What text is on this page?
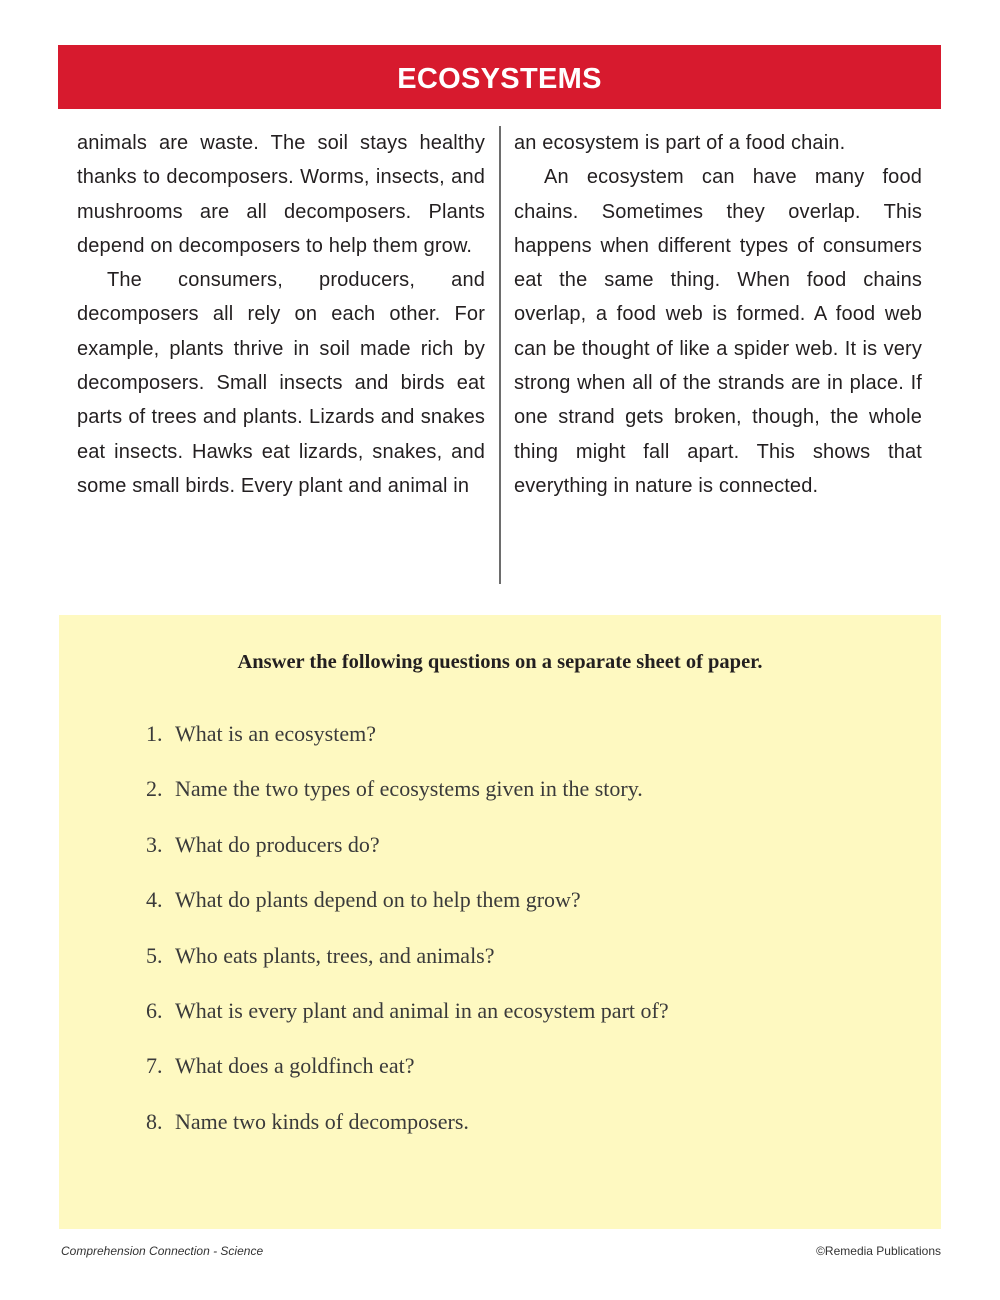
ECOSYSTEMS

animals are waste. The soil stays healthy thanks to decomposers. Worms, insects, and mushrooms are all decomposers. Plants depend on decomposers to help them grow.

The consumers, producers, and decomposers all rely on each other. For example, plants thrive in soil made rich by decomposers. Small insects and birds eat parts of trees and plants. Lizards and snakes eat insects. Hawks eat lizards, snakes, and some small birds. Every plant and animal in

an ecosystem is part of a food chain.

An ecosystem can have many food chains. Sometimes they overlap. This happens when different types of consumers eat the same thing. When food chains overlap, a food web is formed. A food web can be thought of like a spider web. It is very strong when all of the strands are in place. If one strand gets broken, though, the whole thing might fall apart. This shows that everything in nature is connected.

Answer the following questions on a separate sheet of paper.
1. What is an ecosystem?
2. Name the two types of ecosystems given in the story.
3. What do producers do?
4. What do plants depend on to help them grow?
5. Who eats plants, trees, and animals?
6. What is every plant and animal in an ecosystem part of?
7. What does a goldfinch eat?
8. Name two kinds of decomposers.
Comprehension Connection - Science	©Remedia Publications
